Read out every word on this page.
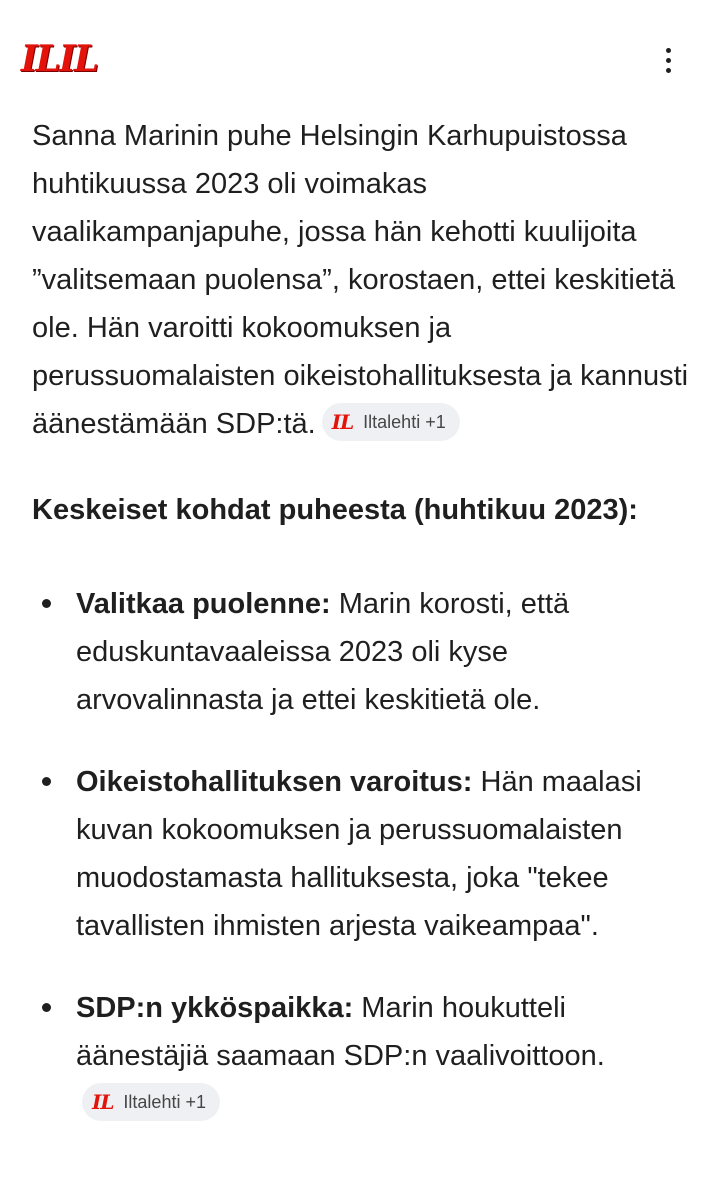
ILIL

Sanna Marinin puhe Helsingin Karhupuistossa huhtikuussa 2023 oli voimakas vaalikampanjapuhe, jossa hän kehotti kuulijoita ”valitsemaan puolensa”, korostaen, ettei keskitietä ole. Hän varoitti kokoomuksen ja perussuomalaisten oikeistohallituksesta ja kannusti äänestämään SDP:tä. IL Iltalehti +1

Keskeiset kohdat puheesta (huhtikuu 2023):

Valitkaa puolenne: Marin korosti, että eduskuntavaaleissa 2023 oli kyse arvovalinnasta ja ettei keskitietä ole.
Oikeistohallituksen varoitus: Hän maalasi kuvan kokoomuksen ja perussuomalaisten muodostamasta hallituksesta, joka "tekee tavallisten ihmisten arjesta vaikeampaa".
SDP:n ykköspaikka: Marin houkutteli äänestäjiä saamaan SDP:n vaalivoittoon.
IL Iltalehti +1
